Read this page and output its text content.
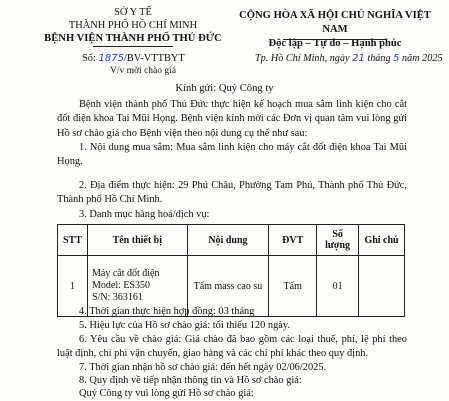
SỞ Y TẾ
THÀNH PHỐ HỒ CHÍ MINH
BỆNH VIỆN THÀNH PHỐ THỦ ĐỨC
Số: 1875/BV-VTTBYT
V/v mời chào giá
CỘNG HÒA XÃ HỘI CHỦ NGHĨA VIỆT NAM
Độc lập – Tự do – Hạnh phúc
Tp. Hồ Chí Minh, ngày 21 tháng 5 năm 2025
Kính gửi: Quý Công ty
Bệnh viện thành phố Thủ Đức thực hiện kế hoạch mua sắm linh kiện cho cắt đốt điện khoa Tai Mũi Họng. Bệnh viện kính mời các Đơn vị quan tâm vui lòng gửi Hồ sơ chào giá cho Bệnh viện theo nội dung cụ thể như sau:
1. Nội dung mua sắm: Mua sắm linh kiện cho máy cắt đốt điện khoa Tai Mũi Họng.
2. Địa điểm thực hiện: 29 Phú Châu, Phường Tam Phú, Thành phố Thủ Đức, Thành phố Hồ Chí Minh.
3. Danh mục hàng hoá/dịch vụ:
STT	Tên thiết bị	Nội dung	ĐVT	Số lượng	Ghi chú
1	Máy cắt đốt điện
Model: ES350
S/N: 363161	Tấm mass cao su	Tấm	01	
4. Thời gian thực hiện hợp đồng: 03 tháng
5. Hiệu lực của Hồ sơ chào giá: tối thiểu 120 ngày.
6. Yêu cầu về chào giá: Giá chào đã bao gồm các loại thuế, phí, lệ phí theo luật định, chi phí vận chuyển, giao hàng và các chi phí khác theo quy định.
7. Thời gian nhận hồ sơ chào giá: đến hết ngày 02/06/2025.
8. Quy định về tiếp nhận thông tin và Hồ sơ chào giá:
Quý Công ty vui lòng gửi Hồ sơ chào giá:
